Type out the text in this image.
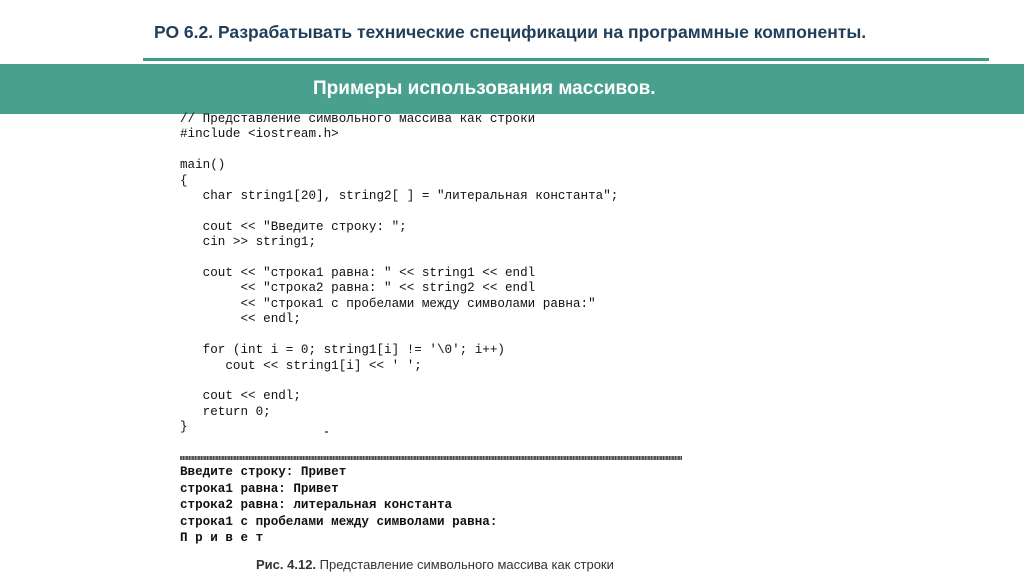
РО 6.2. Разрабатывать технические спецификации на программные компоненты.
Примеры использования массивов.
// Представление символьного массива как строки
#include <iostream.h>

main()
{
char string1[20], string2[ ] = "литеральная константа";

cout << "Введите строку: ";
cin >> string1;

cout << "строка1 равна: " << string1 << endl
<< "строка2 равна: " << string2 << endl
<< "строка1 с пробелами между символами равна:"
<< endl;

for (int i = 0; string1[i] != '\0'; i++)
cout << string1[i] << ' ';

cout << endl;
return 0;
}
Введите строку: Привет
строка1 равна: Привет
строка2 равна: литеральная константа
строка1 с пробелами между символами равна:
П р и в е т
Рис. 4.12. Представление символьного массива как строки
